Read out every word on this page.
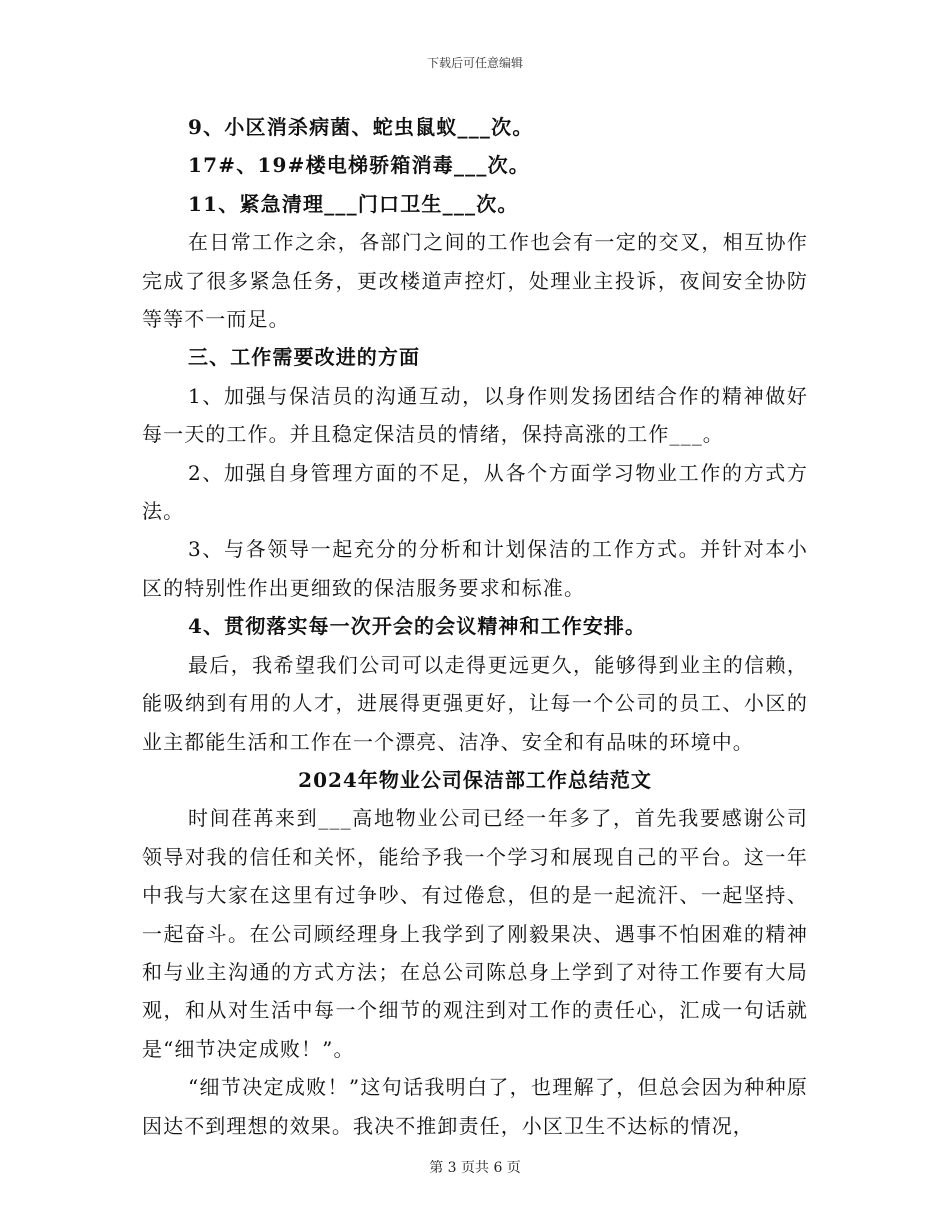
下载后可任意编辑
9、小区消杀病菌、蛇虫鼠蚁___次。
17#、19#楼电梯骄箱消毒___次。
11、紧急清理___门口卫生___次。

在日常工作之余，各部门之间的工作也会有一定的交叉，相互协作完成了很多紧急任务，更改楼道声控灯，处理业主投诉，夜间安全协防等等不一而足。

三、工作需要改进的方面

1、加强与保洁员的沟通互动，以身作则发扬团结合作的精神做好每一天的工作。并且稳定保洁员的情绪，保持高涨的工作___。

2、加强自身管理方面的不足，从各个方面学习物业工作的方式方法。

3、与各领导一起充分的分析和计划保洁的工作方式。并针对本小区的特别性作出更细致的保洁服务要求和标准。

4、贯彻落实每一次开会的会议精神和工作安排。

最后，我希望我们公司可以走得更远更久，能够得到业主的信赖，能吸纳到有用的人才，进展得更强更好，让每一个公司的员工、小区的业主都能生活和工作在一个漂亮、洁净、安全和有品味的环境中。

2024年物业公司保洁部工作总结范文

时间荏苒来到___高地物业公司已经一年多了，首先我要感谢公司领导对我的信任和关怀，能给予我一个学习和展现自己的平台。这一年中我与大家在这里有过争吵、有过倦怠，但的是一起流汗、一起坚持、一起奋斗。在公司顾经理身上我学到了刚毅果决、遇事不怕困难的精神和与业主沟通的方式方法；在总公司陈总身上学到了对待工作要有大局观，和从对生活中每一个细节的观注到对工作的责任心，汇成一句话就是“细节决定成败！”。

“细节决定成败！”这句话我明白了，也理解了，但总会因为种种原因达不到理想的效果。我决不推卸责任，小区卫生不达标的情况，

第 3 页共 6 页
